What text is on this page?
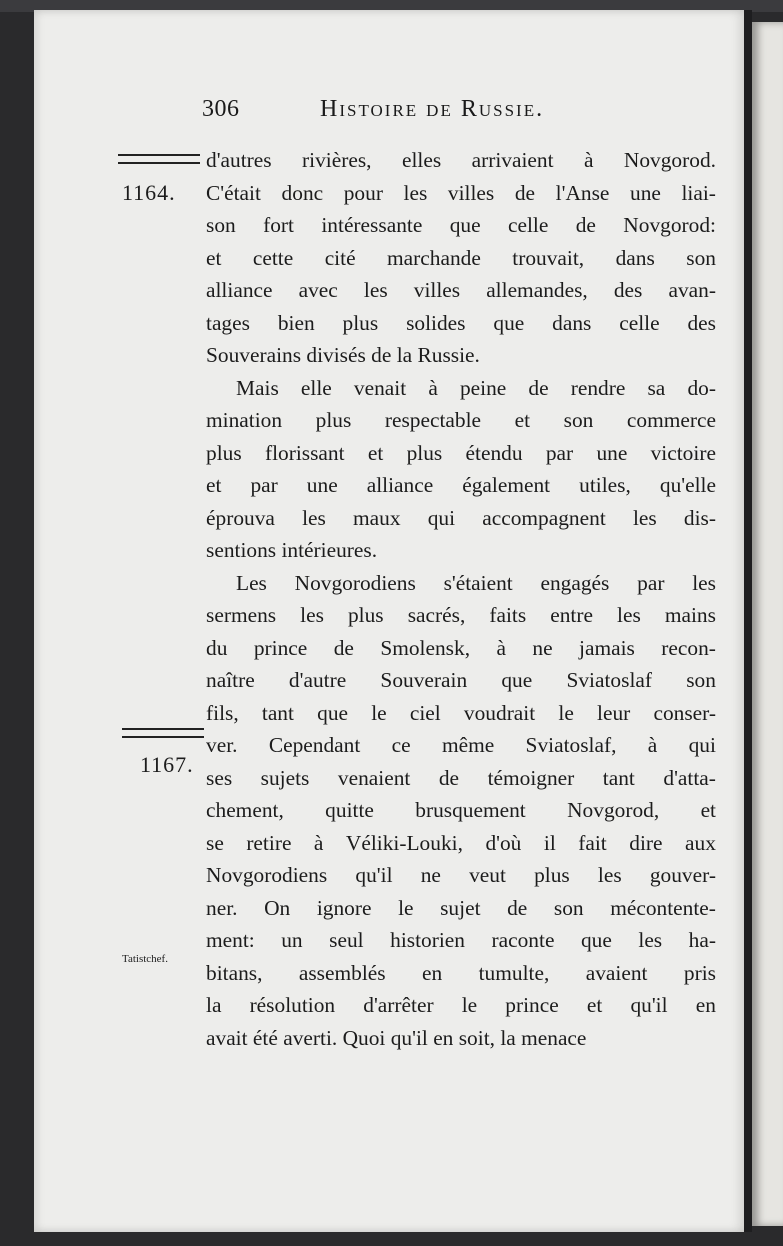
306	Histoire de Russie.
1164.
1167.
Tatistchef.
d'autres rivières, elles arrivaient à Novgorod.
C'était donc pour les villes de l'Anse une liai-
son fort intéressante que celle de Novgorod:
et cette cité marchande trouvait, dans son
alliance avec les villes allemandes, des avan-
tages bien plus solides que dans celle des
Souverains divisés de la Russie.
Mais elle venait à peine de rendre sa do-
mination plus respectable et son commerce
plus florissant et plus étendu par une victoire
et par une alliance également utiles, qu'elle
éprouva les maux qui accompagnent les dis-
sentions intérieures.
Les Novgorodiens s'étaient engagés par les
sermens les plus sacrés, faits entre les mains
du prince de Smolensk, à ne jamais recon-
naître d'autre Souverain que Sviatoslaf son
fils, tant que le ciel voudrait le leur conser-
ver. Cependant ce même Sviatoslaf, à qui
ses sujets venaient de témoigner tant d'atta-
chement, quitte brusquement Novgorod, et
se retire à Véliki-Louki, d'où il fait dire aux
Novgorodiens qu'il ne veut plus les gouver-
ner. On ignore le sujet de son mécontente-
ment: un seul historien raconte que les ha-
bitans, assemblés en tumulte, avaient pris
la résolution d'arrêter le prince et qu'il en
avait été averti. Quoi qu'il en soit, la menace
